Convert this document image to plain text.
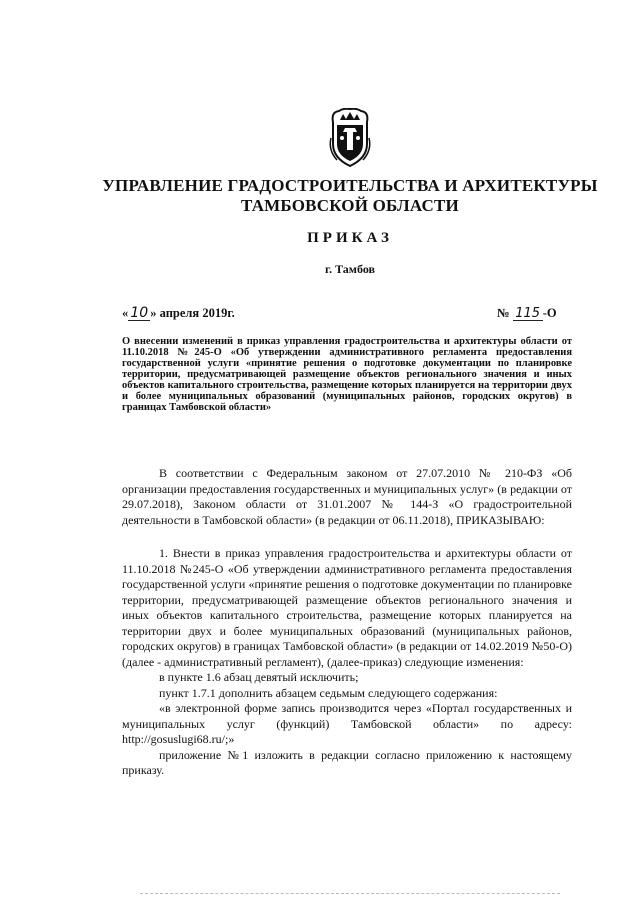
УПРАВЛЕНИЕ ГРАДОСТРОИТЕЛЬСТВА И АРХИТЕКТУРЫ
ТАМБОВСКОЙ ОБЛАСТИ
ПРИКАЗ
г. Тамбов
« 10 » апреля 2019г.	№ 115 -О
О внесении изменений в приказ управления градостроительства и архитектуры области от 11.10.2018 №245-О «Об утверждении административного регламента предоставления государственной услуги «принятие решения о подготовке документации по планировке территории, предусматривающей размещение объектов регионального значения и иных объектов капитального строительства, размещение которых планируется на территории двух и более муниципальных образований (муниципальных районов, городских округов) в границах Тамбовской области»

В соответствии с Федеральным законом от 27.07.2010 № 210-ФЗ «Об организации предоставления государственных и муниципальных услуг» (в редакции от 29.07.2018), Законом области от 31.01.2007 № 144-З «О градостроительной деятельности в Тамбовской области» (в редакции от 06.11.2018), ПРИКАЗЫВАЮ:

1. Внести в приказ управления градостроительства и архитектуры области от 11.10.2018 №245-О «Об утверждении административного регламента предоставления государственной услуги «принятие решения о подготовке документации по планировке территории, предусматривающей размещение объектов регионального значения и иных объектов капитального строительства, размещение которых планируется на территории двух и более муниципальных образований (муниципальных районов, городских округов) в границах Тамбовской области» (в редакции от 14.02.2019 №50-О) (далее - административный регламент), (далее-приказ) следующие изменения:

в пункте 1.6 абзац девятый исключить;

пункт 1.7.1 дополнить абзацем седьмым следующего содержания:

«в электронной форме запись производится через «Портал государственных и муниципальных услуг (функций) Тамбовской области» по адресу: http://gosuslugi68.ru/;»

приложение №1 изложить в редакции согласно приложению к настоящему приказу.
